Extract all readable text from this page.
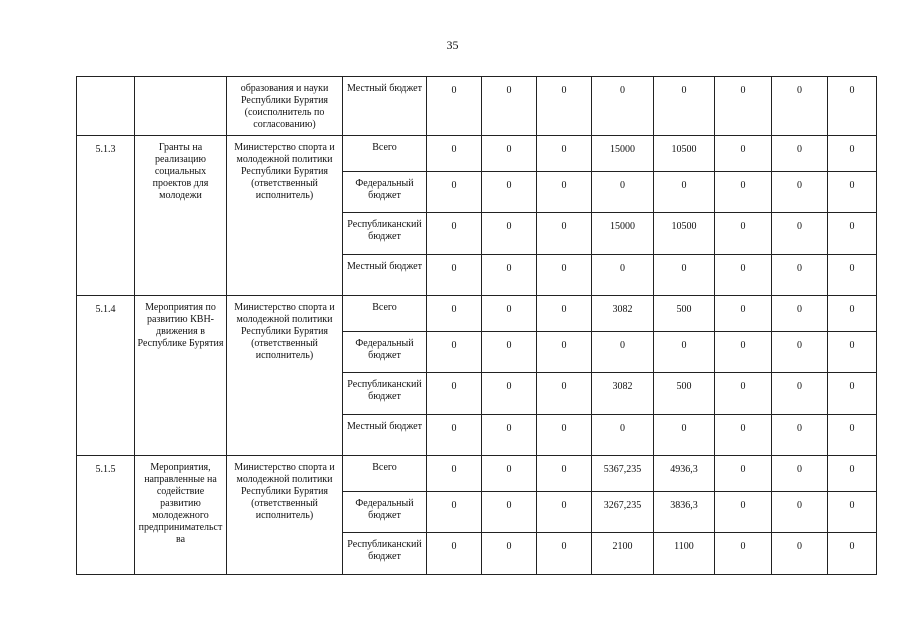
35
		образования и науки Республики Бурятия (соисполнитель по согласованию)	Местный бюджет	0	0	0	0	0	0	0	0
5.1.3	Гранты на реализацию социальных проектов для молодежи	Министерство спорта и молодежной политики Республики Бурятия (ответственный исполнитель)	Всего	0	0	0	15000	10500	0	0	0
			Федеральный бюджет	0	0	0	0	0	0	0	0
			Республиканский бюджет	0	0	0	15000	10500	0	0	0
			Местный бюджет	0	0	0	0	0	0	0	0
5.1.4	Мероприятия по развитию КВН-движения в Республике Бурятия	Министерство спорта и молодежной политики Республики Бурятия (ответственный исполнитель)	Всего	0	0	0	3082	500	0	0	0
			Федеральный бюджет	0	0	0	0	0	0	0	0
			Республиканский бюджет	0	0	0	3082	500	0	0	0
			Местный бюджет	0	0	0	0	0	0	0	0
5.1.5	Мероприятия, направленные на содействие развитию молодежного предпринимательства	Министерство спорта и молодежной политики Республики Бурятия (ответственный исполнитель)	Всего	0	0	0	5367,235	4936,3	0	0	0
			Федеральный бюджет	0	0	0	3267,235	3836,3	0	0	0
			Республиканский бюджет	0	0	0	2100	1100	0	0	0
